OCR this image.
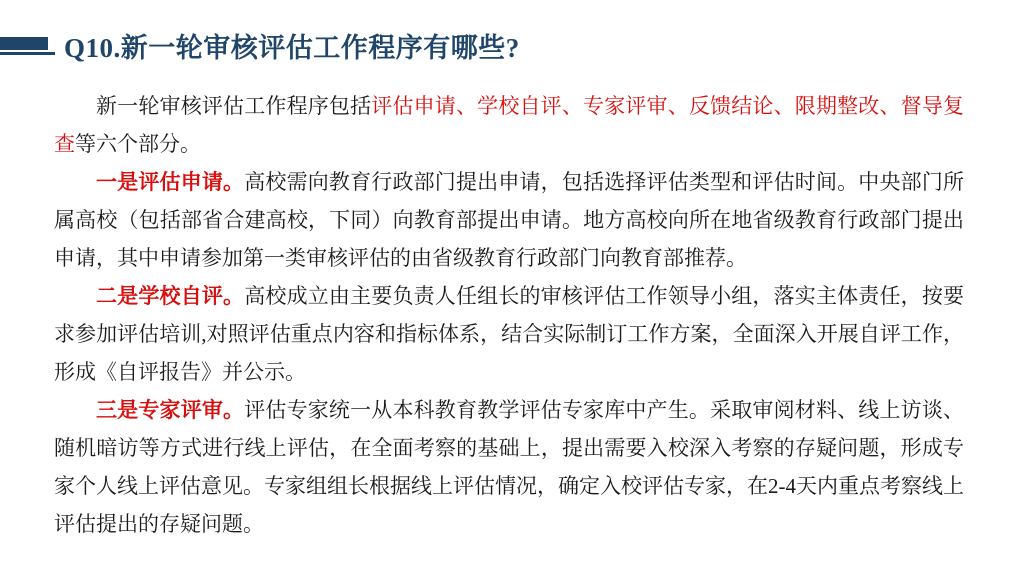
Q10.新一轮审核评估工作程序有哪些?

新一轮审核评估工作程序包括评估申请、学校自评、专家评审、反馈结论、限期整改、督导复查等六个部分。

一是评估申请。高校需向教育行政部门提出申请，包括选择评估类型和评估时间。中央部门所属高校（包括部省合建高校，下同）向教育部提出申请。地方高校向所在地省级教育行政部门提出申请，其中申请参加第一类审核评估的由省级教育行政部门向教育部推荐。

二是学校自评。高校成立由主要负责人任组长的审核评估工作领导小组，落实主体责任，按要求参加评估培训,对照评估重点内容和指标体系，结合实际制订工作方案，全面深入开展自评工作，形成《自评报告》并公示。

三是专家评审。评估专家统一从本科教育教学评估专家库中产生。采取审阅材料、线上访谈、随机暗访等方式进行线上评估，在全面考察的基础上，提出需要入校深入考察的存疑问题，形成专家个人线上评估意见。专家组组长根据线上评估情况，确定入校评估专家，在2-4天内重点考察线上评估提出的存疑问题。
